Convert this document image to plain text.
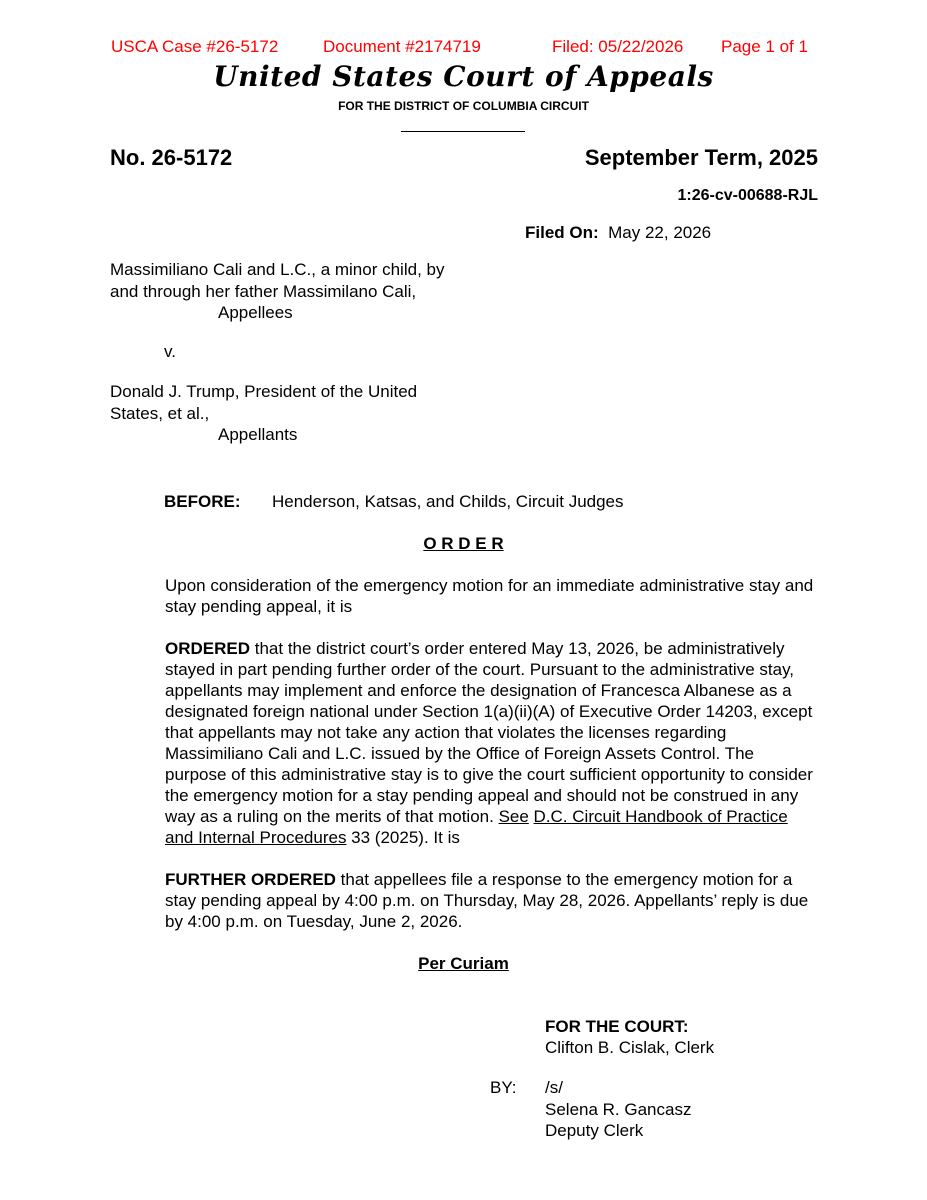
USCA Case #26-5172	Document #2174719	Filed: 05/22/2026 Page 1 of 1
United States Court of Appeals
FOR THE DISTRICT OF COLUMBIA CIRCUIT
No. 26-5172	September Term, 2025
1:26-cv-00688-RJL
Filed On: May 22, 2026
Massimiliano Cali and L.C., a minor child, by
and through her father Massimilano Cali,
Appellees
v.
Donald J. Trump, President of the United
States, et al.,
Appellants
BEFORE: Henderson, Katsas, and Childs, Circuit Judges
O R D E R

Upon consideration of the emergency motion for an immediate administrative stay and stay pending appeal, it is

ORDERED that the district court’s order entered May 13, 2026, be administratively stayed in part pending further order of the court. Pursuant to the administrative stay, appellants may implement and enforce the designation of Francesca Albanese as a designated foreign national under Section 1(a)(ii)(A) of Executive Order 14203, except that appellants may not take any action that violates the licenses regarding Massimiliano Cali and L.C. issued by the Office of Foreign Assets Control. The purpose of this administrative stay is to give the court sufficient opportunity to consider the emergency motion for a stay pending appeal and should not be construed in any way as a ruling on the merits of that motion. See D.C. Circuit Handbook of Practice and Internal Procedures 33 (2025). It is

FURTHER ORDERED that appellees file a response to the emergency motion for a stay pending appeal by 4:00 p.m. on Thursday, May 28, 2026. Appellants’ reply is due by 4:00 p.m. on Tuesday, June 2, 2026.

Per Curiam
FOR THE COURT:
Clifton B. Cislak, Clerk
BY: /s/
Selena R. Gancasz
Deputy Clerk
